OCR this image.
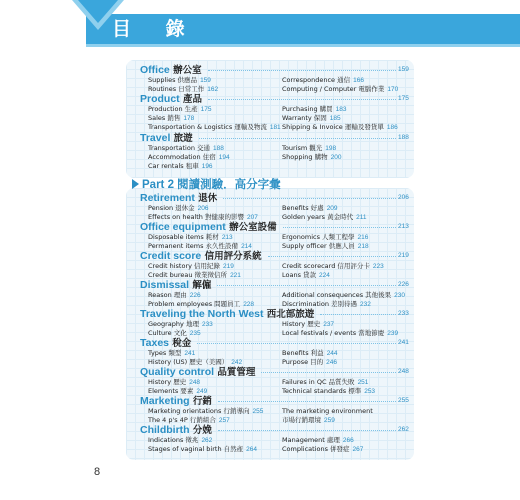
目 錄
Part 2 閱讀測驗．高分字彙
Office 辦公室	159
Supplies 供應品 159
Routines 日常工作 162
Correspondence 通信 166
Computing / Computer 電腦作業 170
Product 產品	175
Production 生產 175
Sales 銷售 178
Transportation & Logistics 運輸及物流 181
Purchasing 購買 183
Warranty 保固 185
Shipping & Invoice 運輸及發貨單 186
Travel 旅遊	188
Transportation 交通 188
Accommodation 住宿 194
Car rentals 租車 196
Tourism 觀光 198
Shopping 購物 200
Retirement 退休	206
Pension 退休金 206
Effects on health 對健康的影響 207
Benefits 好處 209
Golden years 黃金時代 211
Office equipment 辦公室設備	213
Disposable items 耗材 213
Permanent items 永久性設備 214
Ergonomics 人類工程學 216
Supply officer 供應人員 218
Credit score 信用評分系統	219
Credit history 信用紀錄 219
Credit bureau 徵業徵信所 221
Credit scorecard 信用評分卡 223
Loans 貸款 224
Dismissal 解僱	226
Reason 理由 226
Problem employees 問題員工 228
Additional consequences 其他後果 230
Discrimination 差別待遇 232
Traveling the North West 西北部旅遊	233
Geography 地理 233
Culture 文化 235
History 歷史 237
Local festivals / events 當地節慶 239
Taxes 稅金	241
Types 類型 241
History (US) 歷史（美國） 242
Benefits 利益 244
Purpose 目的 246
Quality control 品質管理	248
History 歷史 248
Elements 要素 249
Failures in QC 品質失敗 251
Technical standards 標準 253
Marketing 行銷	255
Marketing orientations 行銷導向 255
The 4 p's 4P 行銷組合 257
The marketing environment
市場行銷環境 259
Childbirth 分娩	262
Indications 徵兆 262
Stages of vaginal birth 自然產 264
Management 處理 266
Complications 併發症 267
8
